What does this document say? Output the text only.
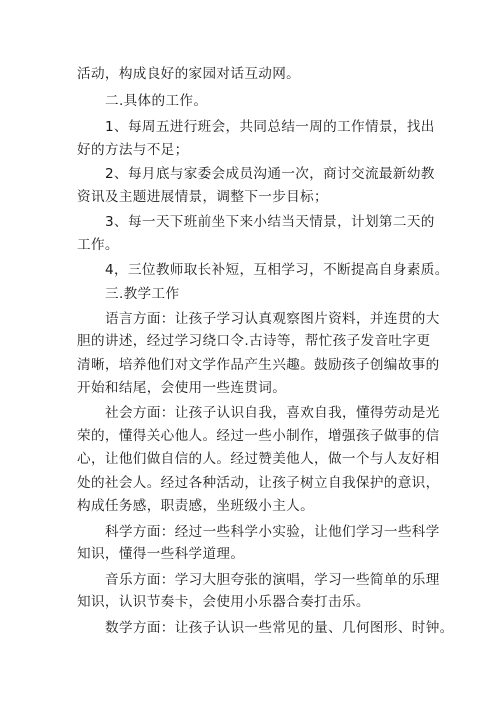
活动，构成良好的家园对话互动网。

二.具体的工作。

1、每周五进行班会，共同总结一周的工作情景，找出

好的方法与不足；

2、每月底与家委会成员沟通一次，商讨交流最新幼教

资讯及主题进展情景，调整下一步目标；

3、每一天下班前坐下来小结当天情景，计划第二天的

工作。

4，三位教师取长补短，互相学习，不断提高自身素质。

三.教学工作

语言方面：让孩子学习认真观察图片资料，并连贯的大

胆的讲述，经过学习绕口令.古诗等，帮忙孩子发音吐字更

清晰，培养他们对文学作品产生兴趣。鼓励孩子创编故事的

开始和结尾，会使用一些连贯词。

社会方面：让孩子认识自我，喜欢自我，懂得劳动是光

荣的，懂得关心他人。经过一些小制作，增强孩子做事的信

心，让他们做自信的人。经过赞美他人，做一个与人友好相

处的社会人。经过各种活动，让孩子树立自我保护的意识，

构成任务感，职责感，坐班级小主人。

科学方面：经过一些科学小实验，让他们学习一些科学

知识，懂得一些科学道理。

音乐方面：学习大胆夸张的演唱，学习一些简单的乐理

知识，认识节奏卡，会使用小乐器合奏打击乐。

数学方面：让孩子认识一些常见的量、几何图形、时钟。
